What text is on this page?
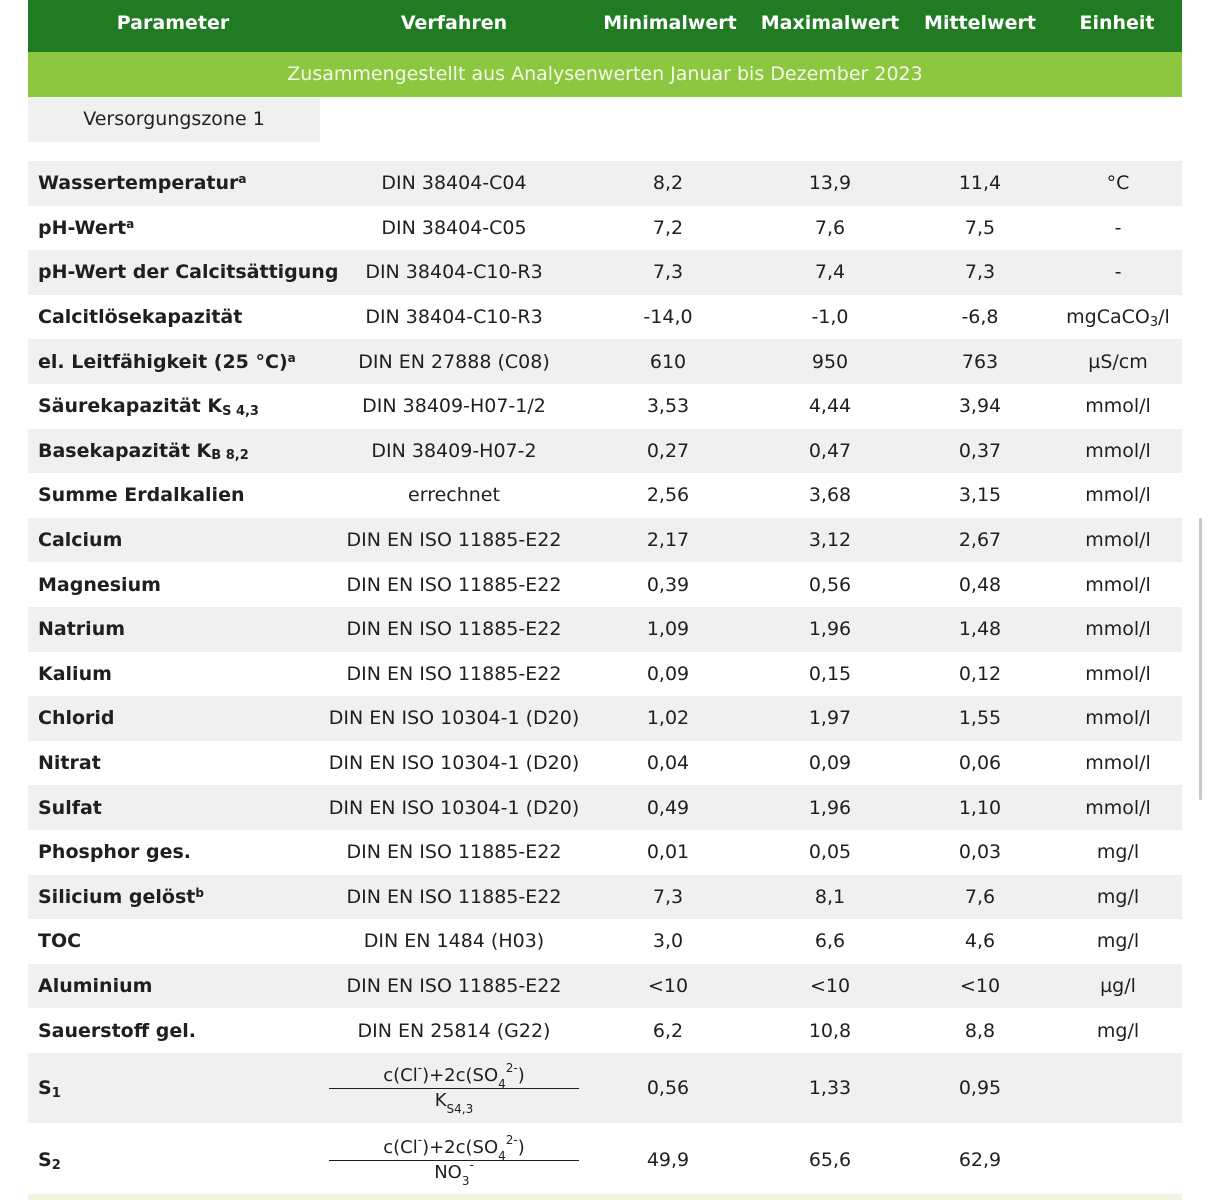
Parameter	Verfahren	Minimalwert	Maximalwert	Mittelwert	Einheit
Zusammengestellt aus Analysenwerten Januar bis Dezember 2023
Versorgungszone 1
Wassertemperatur$^a$	DIN 38404-C04	8,2	13,9	11,4	°C
pH-Wert$^a$	DIN 38404-C05	7,2	7,6	7,5	-
pH-Wert der Calcitsättigung	DIN 38404-C10-R3	7,3	7,4	7,3	-
Calcitlösekapazität	DIN 38404-C10-R3	-14,0	-1,0	-6,8	mgCaCO$_3$ /l
el. Leitfähigkeit (25 °C)$^a$	DIN EN 27888 (C08)	610	950	763	µS/cm
Säurekapazität $K_{S 4,3}$	DIN 38409-H07-1/2	3,53	4,44	3,94	mmol/l
Basekapazität $K_{B 8,2}$	DIN 38409-H07-2	0,27	0,47	0,37	mmol/l
Summe Erdalkalien	errechnet	2,56	3,68	3,15	mmol/l
Calcium	DIN EN ISO 11885-E22	2,17	3,12	2,67	mmol/l
Magnesium	DIN EN ISO 11885-E22	0,39	0,56	0,48	mmol/l
Natrium	DIN EN ISO 11885-E22	1,09	1,96	1,48	mmol/l
Kalium	DIN EN ISO 11885-E22	0,09	0,15	0,12	mmol/l
Chlorid	DIN EN ISO 10304-1 (D20)	1,02	1,97	1,55	mmol/l
Nitrat	DIN EN ISO 10304-1 (D20)	0,04	0,09	0,06	mmol/l
Sulfat	DIN EN ISO 10304-1 (D20)	0,49	1,96	1,10	mmol/l
Phosphor ges.	DIN EN ISO 11885-E22	0,01	0,05	0,03	mg/l
Silicium gelöst$^b$	DIN EN ISO 11885-E22	7,3	8,1	7,6	mg/l
TOC	DIN EN 1484 (H03)	3,0	6,6	4,6	mg/l
Aluminium	DIN EN ISO 11885-E22	<10	<10	<10	µg/l
Sauerstoff gel.	DIN EN 25814 (G22)	6,2	10,8	8,8	mg/l
$S_1$	$\frac{c(Cl^-)+2c(SO_4^{2-})}{K_{S4,3}}$	0,56	1,33	0,95
$S_2$	$\frac{c(Cl^-)+2c(SO_4^{2-})}{NO_3^-}$	49,9	65,6	62,9
